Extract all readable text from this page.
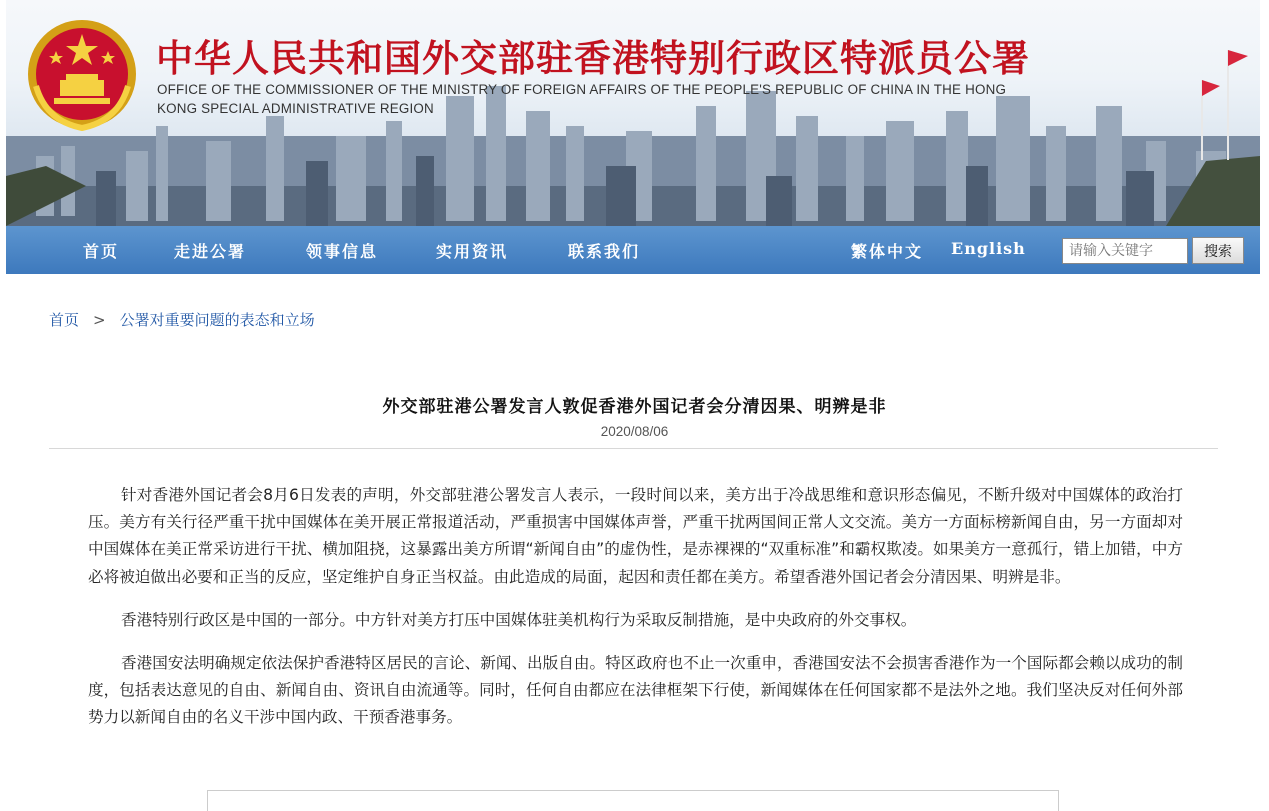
中华人民共和国外交部驻香港特别行政区特派员公署
OFFICE OF THE COMMISSIONER OF THE MINISTRY OF FOREIGN AFFAIRS OF THE PEOPLE'S REPUBLIC OF CHINA IN THE HONG KONG SPECIAL ADMINISTRATIVE REGION
首页	走进公署	领事信息	实用资讯	联系我们	繁体中文 English
请输入关键字	搜索
首页 > 公署对重要问题的表态和立场
外交部驻港公署发言人敦促香港外国记者会分清因果、明辨是非
2020/08/06

针对香港外国记者会8月6日发表的声明，外交部驻港公署发言人表示，一段时间以来，美方出于冷战思维和意识形态偏见，不断升级对中国媒体的政治打压。美方有关行径严重干扰中国媒体在美开展正常报道活动，严重损害中国媒体声誉，严重干扰两国间正常人文交流。美方一方面标榜新闻自由，另一方面却对中国媒体在美正常采访进行干扰、横加阻挠，这暴露出美方所谓“新闻自由”的虚伪性，是赤裸裸的“双重标准”和霸权欺凌。如果美方一意孤行，错上加错，中方必将被迫做出必要和正当的反应，坚定维护自身正当权益。由此造成的局面，起因和责任都在美方。希望香港外国记者会分清因果、明辨是非。

香港特别行政区是中国的一部分。中方针对美方打压中国媒体驻美机构行为采取反制措施，是中央政府的外交事权。

香港国安法明确规定依法保护香港特区居民的言论、新闻、出版自由。特区政府也不止一次重申，香港国安法不会损害香港作为一个国际都会赖以成功的制度，包括表达意见的自由、新闻自由、资讯自由流通等。同时，任何自由都应在法律框架下行使，新闻媒体在任何国家都不是法外之地。我们坚决反对任何外部势力以新闻自由的名义干涉中国内政、干预香港事务。
